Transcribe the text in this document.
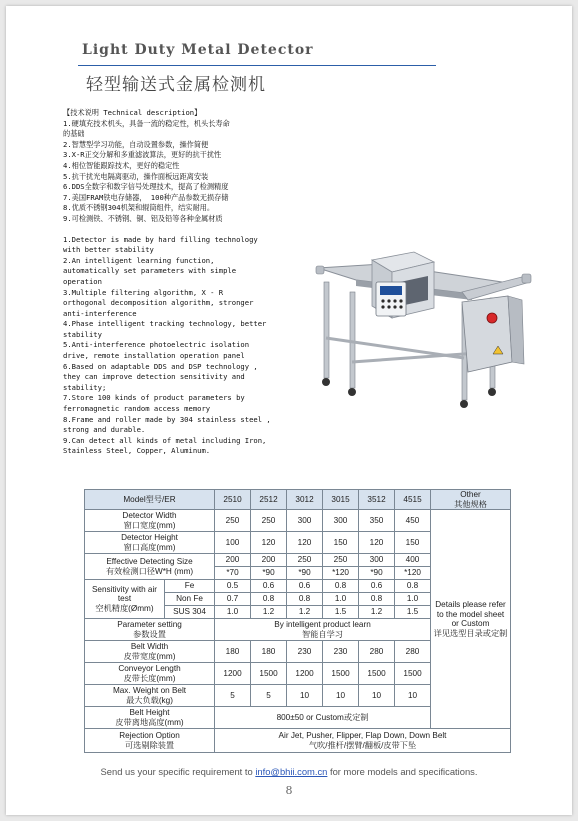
Light Duty Metal Detector
轻型输送式金属检测机
【技术说明 Technical description】
1.硬填充技术机头，具备一流的稳定性，机头长寿命
的基础
2.智慧型学习功能，自动设置参数，操作简便
3.X-R正交分解和多重滤波算法，更好的抗干扰性
4.相位智能跟踪技术，更好的稳定性
5.抗干扰光电隔离驱动，操作面板远距离安装
6.DDS全数字和数字信号处理技术，提高了检测精度
7.美国FRAM铁电存储器， 100种产品参数无损存储
8.优质不锈钢304机架和辊筒组件，结实耐用。
9.可检测铁、不锈钢、铜、铝及铅等各种金属材质
1.Detector is made by hard filling technology
with better stability
2.An intelligent learning function,
automatically set parameters with simple
operation
3.Multiple filtering algorithm, X - R
orthogonal decomposition algorithm, stronger
anti-interference
4.Phase intelligent tracking technology, better
stability
5.Anti-interference photoelectric isolation
drive, remote installation operation panel
6.Based on adaptable DDS and DSP technology ,
they can improve detection sensitivity and
stability;
7.Store 100 kinds of product parameters by
ferromagnetic random access memory
8.Frame and roller made by 304 stainless steel ,
strong and durable.
9.Can detect all kinds of metal including Iron,
Stainless Steel, Copper, Aluminum.
Model型号/ER		2510	2512	3012	3015	3512	4515	Other
其他规格

Detector Width
窗口宽度(mm)		250	250	300	300	350	450	Details please refer to the model sheet or Custom
详见选型目录或定制

Detector Height
窗口高度(mm)		100	120	120	150	120	150	

Effective Detecting Size
有效检测口径W*H (mm)		200	200	250	250	300	400	
		*70	*90	*90	*120	*90	*120	

Sensitivity with air test
空机精度(Ømm)	Fe	0.5	0.6	0.6	0.8	0.6	0.8	
	Non Fe	0.7	0.8	0.8	1.0	0.8	1.0	
	SUS 304	1.0	1.2	1.2	1.5	1.2	1.5	

Parameter setting
参数设置		By intelligent product learn
智能自学习						

Belt Width
皮带宽度(mm)		180	180	230	230	280	280	

Conveyor Length
皮带长度(mm)		1200	1500	1200	1500	1500	1500	

Max. Weight on Belt
最大负载(kg)		5	5	10	10	10	10	

Belt Height
皮带离地高度(mm)		800±50 or Custom或定制						

Rejection Option
可选剔除装置		Air Jet, Pusher, Flipper, Flap Down, Down Belt
气吹/推杆/摆臂/翻板/皮带下坠						
Send us your specific requirement to info@bhii.com.cn for more models and specifications.
8
